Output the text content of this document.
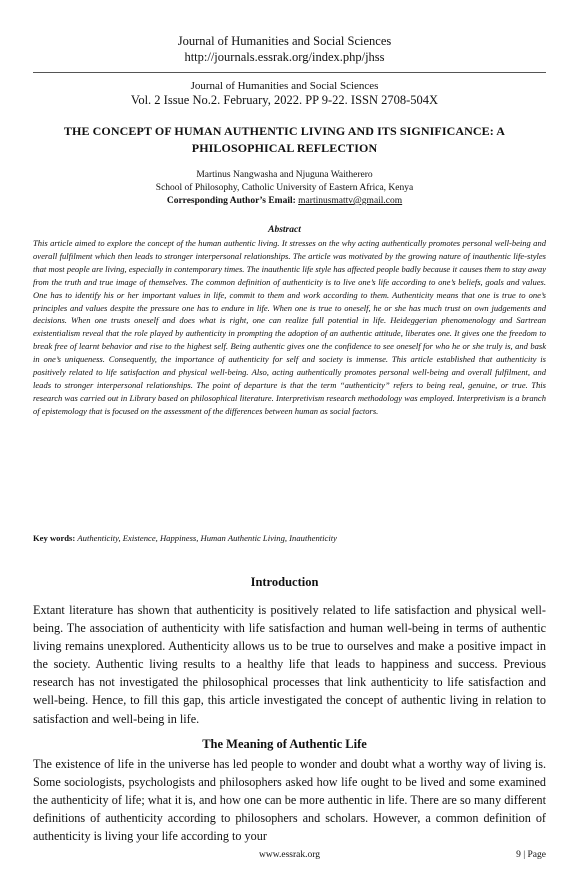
Journal of Humanities and Social Sciences
http://journals.essrak.org/index.php/jhss
Journal of Humanities and Social Sciences
Vol. 2 Issue No.2. February, 2022. PP 9-22. ISSN 2708-504X
THE CONCEPT OF HUMAN AUTHENTIC LIVING AND ITS SIGNIFICANCE: A PHILOSOPHICAL REFLECTION
Martinus Nangwasha and Njuguna Waitherero
School of Philosophy, Catholic University of Eastern Africa, Kenya
Corresponding Author’s Email: martinusmattv@gmail.com
Abstract
This article aimed to explore the concept of the human authentic living. It stresses on the why acting authentically promotes personal well-being and overall fulfilment which then leads to stronger interpersonal relationships. The article was motivated by the growing nature of inauthentic life-styles that most people are living, especially in contemporary times. The inauthentic life style has affected people badly because it causes them to stay away from the truth and true image of themselves. The common definition of authenticity is to live one’s life according to one’s beliefs, goals and values. One has to identify his or her important values in life, commit to them and work according to them. Authenticity means that one is true to one’s principles and values despite the pressure one has to endure in life. When one is true to oneself, he or she has much trust on own judgements and decisions. When one trusts oneself and does what is right, one can realize full potential in life. Heideggerian phenomenology and Sartrean existentialism reveal that the role played by authenticity in prompting the adoption of an authentic attitude, liberates one. It gives one the freedom to break free of learnt behavior and rise to the highest self. Being authentic gives one the confidence to see oneself for who he or she truly is, and bask in one’s uniqueness. Consequently, the importance of authenticity for self and society is immense. This article established that authenticity is positively related to life satisfaction and physical well-being. Also, acting authentically promotes personal well-being and overall fulfilment, and leads to stronger interpersonal relationships. The point of departure is that the term “authenticity” refers to being real, genuine, or true. This research was carried out in Library based on philosophical literature. Interpretivism research methodology was employed. Interpretivism is a branch of epistemology that is focused on the assessment of the differences between human as social factors.
Key words: Authenticity, Existence, Happiness, Human Authentic Living, Inauthenticity
Introduction
Extant literature has shown that authenticity is positively related to life satisfaction and physical well-being. The association of authenticity with life satisfaction and human well-being in terms of authentic living remains unexplored. Authenticity allows us to be true to ourselves and make a positive impact in the society. Authentic living results to a healthy life that leads to happiness and success. Previous research has not investigated the philosophical processes that link authenticity to life satisfaction and well-being. Hence, to fill this gap, this article investigated the concept of authentic living in relation to satisfaction and well-being in life.
The Meaning of Authentic Life
The existence of life in the universe has led people to wonder and doubt what a worthy way of living is. Some sociologists, psychologists and philosophers asked how life ought to be lived and some examined the authenticity of life; what it is, and how one can be more authentic in life. There are so many different definitions of authenticity according to philosophers and scholars. However, a common definition of authenticity is living your life according to your
www.essrak.org	9 | Page
